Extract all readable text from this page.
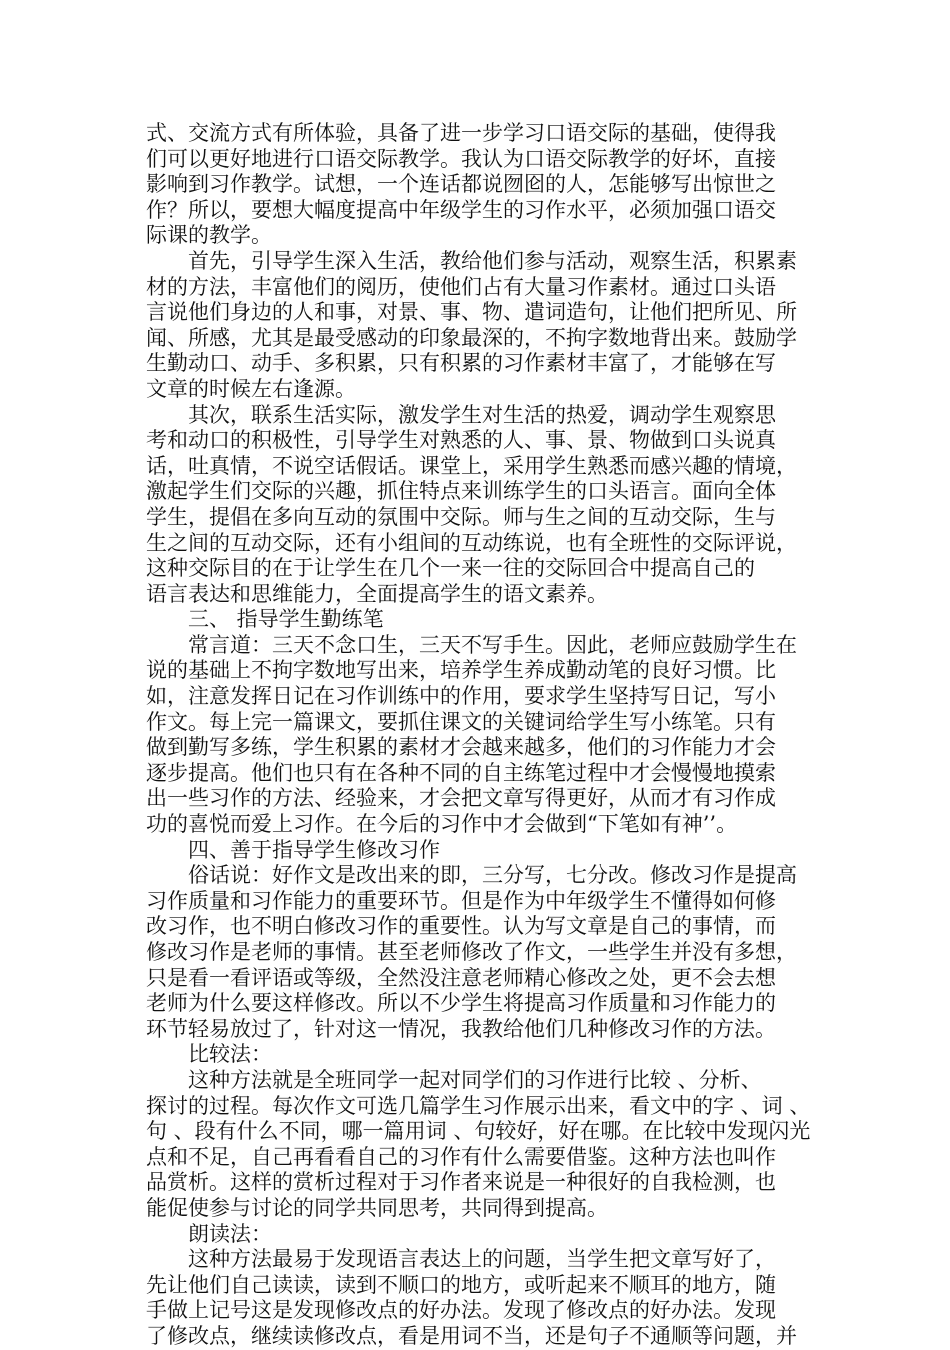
式、交流方式有所体验，具备了进一步学习口语交际的基础，使得我
们可以更好地进行口语交际教学。我认为口语交际教学的好坏，直接
影响到习作教学。试想，一个连话都说囫囵的人，怎能够写出惊世之
作？所以，要想大幅度提高中年级学生的习作水平，必须加强口语交
际课的教学。
　　首先，引导学生深入生活，教给他们参与活动，观察生活，积累素
材的方法，丰富他们的阅历，使他们占有大量习作素材。通过口头语
言说他们身边的人和事，对景、事、物、遣词造句，让他们把所见、所
闻、所感，尤其是最受感动的印象最深的，不拘字数地背出来。鼓励学
生勤动口、动手、多积累，只有积累的习作素材丰富了，才能够在写
文章的时候左右逢源。
　　其次，联系生活实际，激发学生对生活的热爱，调动学生观察思
考和动口的积极性，引导学生对熟悉的人、事、景、物做到口头说真
话，吐真情，不说空话假话。课堂上，采用学生熟悉而感兴趣的情境，
激起学生们交际的兴趣，抓住特点来训练学生的口头语言。面向全体
学生，提倡在多向互动的氛围中交际。师与生之间的互动交际，生与
生之间的互动交际，还有小组间的互动练说，也有全班性的交际评说，
这种交际目的在于让学生在几个一来一往的交际回合中提高自己的
语言表达和思维能力，全面提高学生的语文素养。
　　三、 指导学生勤练笔
　　常言道：三天不念口生，三天不写手生。因此，老师应鼓励学生在
说的基础上不拘字数地写出来，培养学生养成勤动笔的良好习惯。比
如，注意发挥日记在习作训练中的作用，要求学生坚持写日记，写小
作文。每上完一篇课文，要抓住课文的关键词给学生写小练笔。只有
做到勤写多练，学生积累的素材才会越来越多，他们的习作能力才会
逐步提高。他们也只有在各种不同的自主练笔过程中才会慢慢地摸索
出一些习作的方法、经验来，才会把文章写得更好，从而才有习作成
功的喜悦而爱上习作。在今后的习作中才会做到“下笔如有神’’。
　　四、善于指导学生修改习作
　　俗话说：好作文是改出来的即，三分写，七分改。修改习作是提高
习作质量和习作能力的重要环节。但是作为中年级学生不懂得如何修
改习作，也不明白修改习作的重要性。认为写文章是自己的事情，而
修改习作是老师的事情。甚至老师修改了作文，一些学生并没有多想，
只是看一看评语或等级，全然没注意老师精心修改之处，更不会去想
老师为什么要这样修改。所以不少学生将提高习作质量和习作能力的
环节轻易放过了，针对这一情况，我教给他们几种修改习作的方法。
　　比较法：
　　这种方法就是全班同学一起对同学们的习作进行比较 、分析、
探讨的过程。每次作文可选几篇学生习作展示出来，看文中的字 、词 、
句 、段有什么不同，哪一篇用词 、句较好，好在哪。在比较中发现闪光
点和不足，自己再看看自己的习作有什么需要借鉴。这种方法也叫作
品赏析。这样的赏析过程对于习作者来说是一种很好的自我检测，也
能促使参与讨论的同学共同思考，共同得到提高。
　　朗读法：
　　这种方法最易于发现语言表达上的问题，当学生把文章写好了，
先让他们自己读读，读到不顺口的地方，或听起来不顺耳的地方，随
手做上记号这是发现修改点的好办法。发现了修改点的好办法。发现
了修改点，继续读修改点，看是用词不当，还是句子不通顺等问题，并
